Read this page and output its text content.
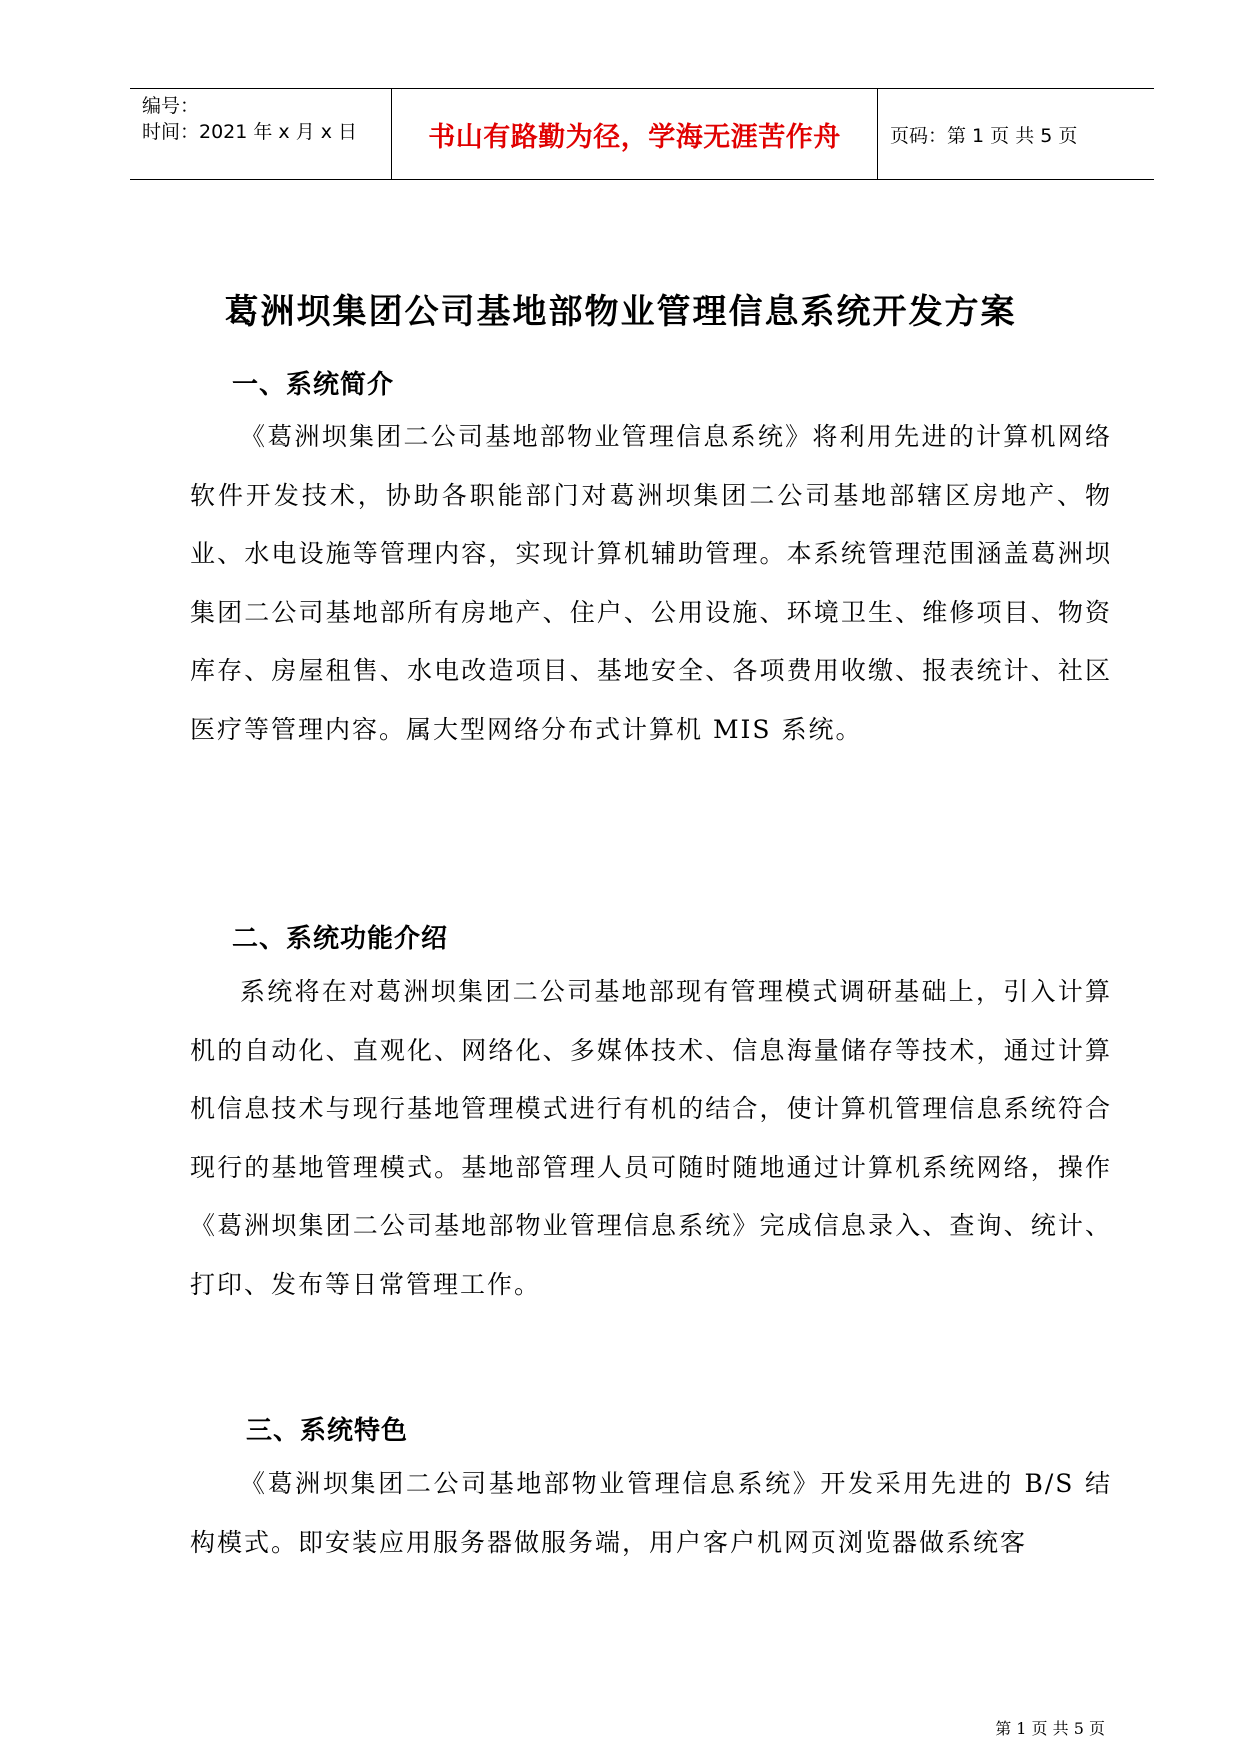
编号：
时间：2021 年 x 月 x 日	书山有路勤为径，学海无涯苦作舟	页码：第 1 页 共 5 页
葛洲坝集团公司基地部物业管理信息系统开发方案
一、系统简介

《葛洲坝集团二公司基地部物业管理信息系统》将利用先进的计算机网络软件开发技术，协助各职能部门对葛洲坝集团二公司基地部辖区房地产、物业、水电设施等管理内容，实现计算机辅助管理。本系统管理范围涵盖葛洲坝集团二公司基地部所有房地产、住户、公用设施、环境卫生、维修项目、物资库存、房屋租售、水电改造项目、基地安全、各项费用收缴、报表统计、社区医疗等管理内容。属大型网络分布式计算机 MIS 系统。

二、系统功能介绍

系统将在对葛洲坝集团二公司基地部现有管理模式调研基础上，引入计算机的自动化、直观化、网络化、多媒体技术、信息海量储存等技术，通过计算机信息技术与现行基地管理模式进行有机的结合，使计算机管理信息系统符合现行的基地管理模式。基地部管理人员可随时随地通过计算机系统网络，操作《葛洲坝集团二公司基地部物业管理信息系统》完成信息录入、查询、统计、打印、发布等日常管理工作。

三、系统特色

《葛洲坝集团二公司基地部物业管理信息系统》开发采用先进的 B/S 结构模式。即安装应用服务器做服务端，用户客户机网页浏览器做系统客

第 1 页 共 5 页
